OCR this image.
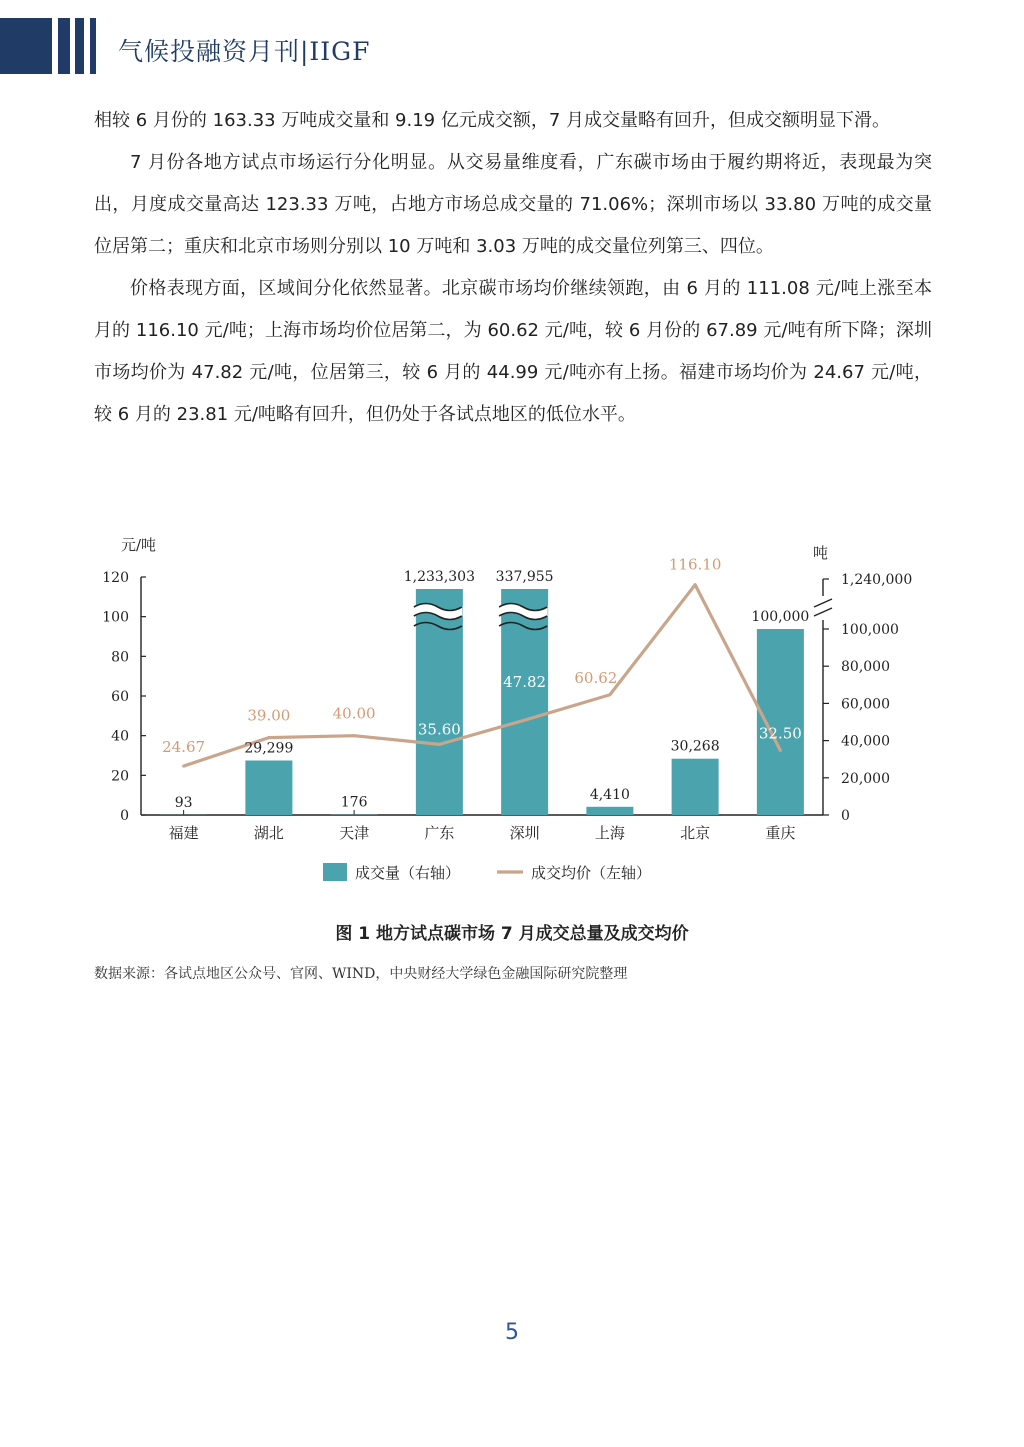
气候投融资月刊|IIGF

相较 6 月份的 163.33 万吨成交量和 9.19 亿元成交额，7 月成交量略有回升，但成交额明显下滑。

7 月份各地方试点市场运行分化明显。从交易量维度看，广东碳市场由于履约期将近，表现最为突出，月度成交量高达 123.33 万吨，占地方市场总成交量的 71.06%；深圳市场以 33.80 万吨的成交量位居第二；重庆和北京市场则分别以 10 万吨和 3.03 万吨的成交量位列第三、四位。

价格表现方面，区域间分化依然显著。北京碳市场均价继续领跑，由 6 月的 111.08 元/吨上涨至本月的 116.10 元/吨；上海市场均价位居第二，为 60.62 元/吨，较 6 月份的 67.89 元/吨有所下降；深圳市场均价为 47.82 元/吨，位居第三，较 6 月的 44.99 元/吨亦有上扬。福建市场均价为 24.67 元/吨，较 6 月的 23.81 元/吨略有回升，但仍处于各试点地区的低位水平。

0
20
40
60
80
100
120
元/吨
0
20,000
40,000
60,000
80,000
100,000
1,240,000
吨
福建	湖北	天津	广东	深圳	上海	北京	重庆
93
29,299
176
1,233,303 337,955
4,410
30,268
100,000
24.67
39.00	40.00
35.60
47.82 60.62
116.10
32.50
成交量（右轴）	成交均价（左轴）
图 1 地方试点碳市场 7 月成交总量及成交均价
数据来源：各试点地区公众号、官网、WIND，中央财经大学绿色金融国际研究院整理
5
